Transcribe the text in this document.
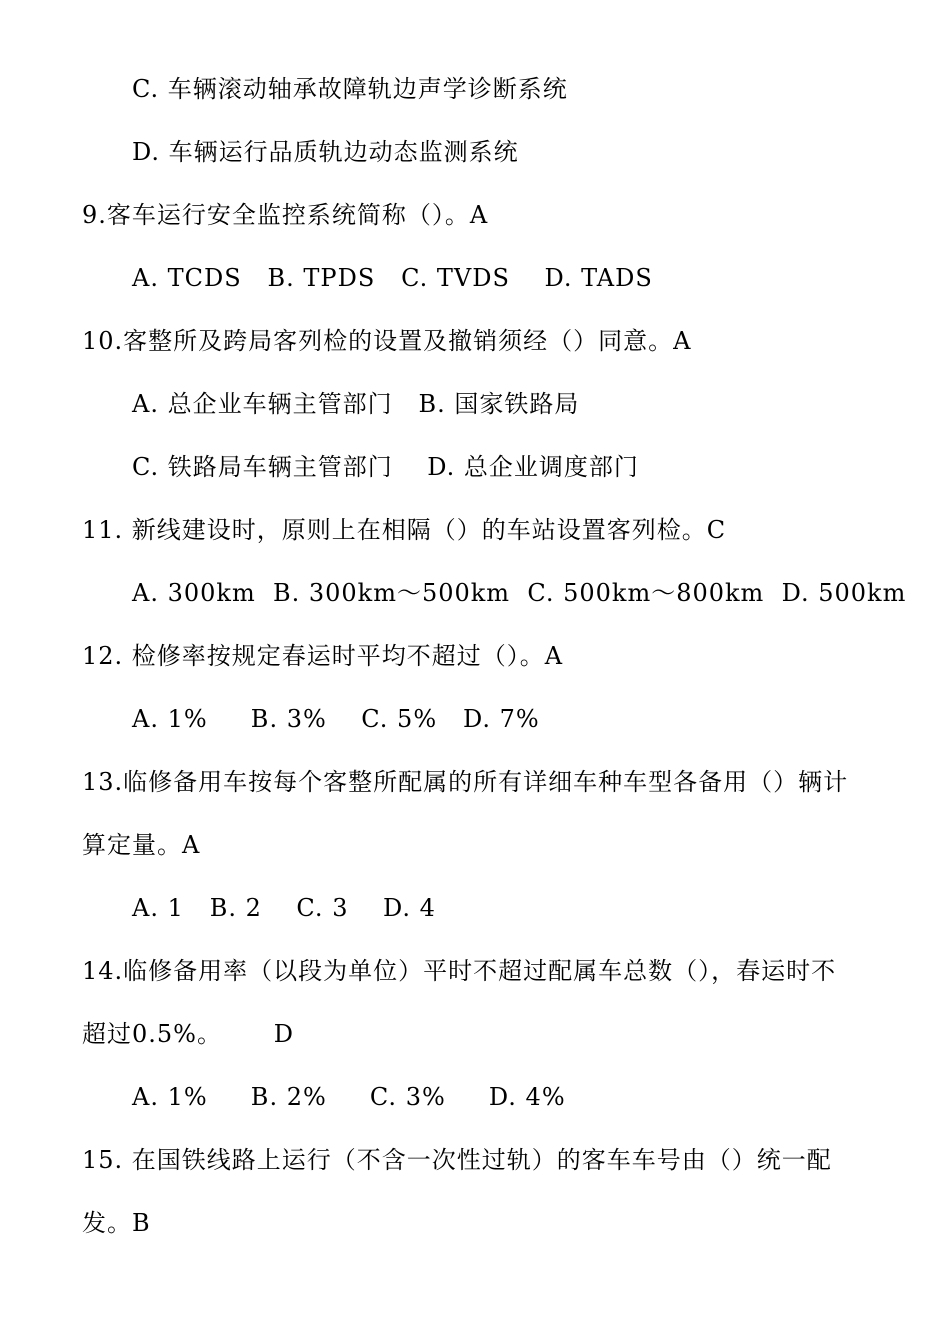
C. 车辆滚动轴承故障轨边声学诊断系统
D. 车辆运行品质轨边动态监测系统
9.客车运行安全监控系统简称（）。A
A. TCDS   B. TPDS   C. TVDS    D. TADS
10.客整所及跨局客列检的设置及撤销须经（）同意。A
A. 总企业车辆主管部门   B. 国家铁路局
C. 铁路局车辆主管部门    D. 总企业调度部门
11. 新线建设时，原则上在相隔（）的车站设置客列检。C
A. 300km  B. 300km～500km  C. 500km～800km  D. 500km
12. 检修率按规定春运时平均不超过（）。A
A. 1%     B. 3%    C. 5%   D. 7%
13.临修备用车按每个客整所配属的所有详细车种车型各备用（）辆计
算定量。A
A. 1   B. 2    C. 3    D. 4
14.临修备用率（以段为单位）平时不超过配属车总数（），春运时不
超过0.5%。      D
A. 1%     B. 2%     C. 3%     D. 4%
15. 在国铁线路上运行（不含一次性过轨）的客车车号由（）统一配
发。B
